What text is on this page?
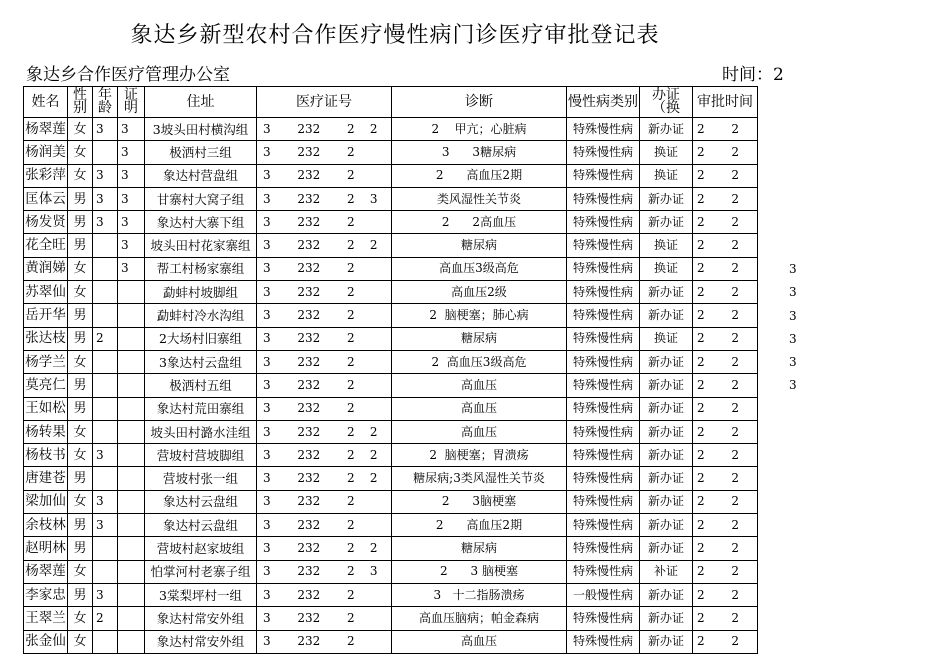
象达乡新型农村合作医疗慢性病门诊医疗审批登记表
象达乡合作医疗管理办公室	时间：2
姓名	性别	年龄	证明	住址	医疗证号	诊断	慢性病类别	办证（换	审批时间
杨翠莲	女	3	3	3坡头田村横沟组	3       232       2    2	2    甲亢；心脏病	特殊慢性病	新办证	2       2
杨润美	女		3	极洒村三组	3       232       2	3      3糖尿病	特殊慢性病	换证	2       2
张彩萍	女	3	3	象达村营盘组	3       232       2	2      高血压2期	特殊慢性病	换证	2       2
匡体云	男	3	3	甘寨村大窝子组	3       232       2    3	类风湿性关节炎	特殊慢性病	新办证	2       2
杨发贤	男	3	3	象达村大寨下组	3       232       2	2      2高血压	特殊慢性病	新办证	2       2
花全旺	男		3	坡头田村花家寨组	3       232       2    2	糖尿病	特殊慢性病	换证	2       2
黄润娣	女		3	帮工村杨家寨组	3       232       2	高血压3级高危	特殊慢性病	换证	2       2
苏翠仙	女			勐蚌村坡脚组	3       232       2	高血压2级	特殊慢性病	新办证	2       2
岳开华	男			勐蚌村冷水沟组	3       232       2	2  脑梗塞；肺心病	特殊慢性病	新办证	2       2
张达枝	男	2		2大场村旧寨组	3       232       2	糖尿病	特殊慢性病	换证	2       2
杨学兰	女			3象达村云盘组	3       232       2	2  高血压3级高危	特殊慢性病	新办证	2       2
莫亮仁	男			极洒村五组	3       232       2	高血压	特殊慢性病	新办证	2       2
王如松	男			象达村荒田寨组	3       232       2	高血压	特殊慢性病	新办证	2       2
杨转果	女			坡头田村潞水洼组	3       232       2    2	高血压	特殊慢性病	新办证	2       2
杨枝书	女	3		营坡村营坡脚组	3       232       2    2	2  脑梗塞；胃溃疡	特殊慢性病	新办证	2       2
唐建苍	男			营坡村张一组	3       232       2    2	糖尿病;3类风湿性关节炎	特殊慢性病	新办证	2       2
梁加仙	女	3		象达村云盘组	3       232       2	2      3脑梗塞	特殊慢性病	新办证	2       2
余枝林	男	3		象达村云盘组	3       232       2	2      高血压2期	特殊慢性病	新办证	2       2
赵明林	男			营坡村赵家坡组	3       232       2    2	糖尿病	特殊慢性病	新办证	2       2
杨翠莲	女			怕掌河村老寨子组	3       232       2    3	2      3 脑梗塞	特殊慢性病	补证	2       2
李家忠	男	3		3棠梨坪村一组	3       232       2	3   十二指肠溃疡	一般慢性病	新办证	2       2
王翠兰	女	2		象达村常安外组	3       232       2	高血压脑病；帕金森病	特殊慢性病	新办证	2       2
张金仙	女			象达村常安外组	3       232       2	高血压	特殊慢性病	新办证	2       2
3
3
3
3
3
3
